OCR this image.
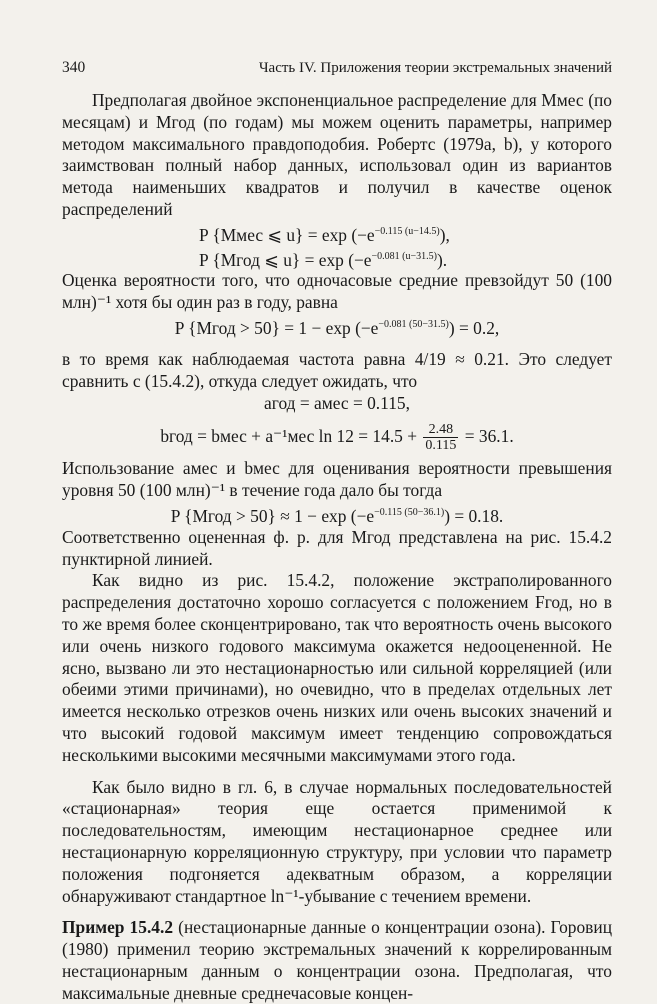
340	Часть IV. Приложения теории экстремальных значений

Предполагая двойное экспоненциальное распределение для Mмес (по месяцам) и Mгод (по годам) мы можем оценить параметры, например методом максимального правдоподобия. Робертс (1979a, b), у которого заимствован полный набор данных, использовал один из вариантов метода наименьших квадратов и получил в качестве оценок распределений

P {Mмес ⩽ $u\} = \exp (-e^{-0.115 (u-14.5)})$,
P {Mгод ⩽ $u\} = \exp (-e^{-0.081 (u-31.5)})$.

Оценка вероятности того, что одночасовые средние превзойдут 50 (100 млн)⁻¹ хотя бы один раз в году, равна

P {Mгод > $50\} = 1 - \exp (-e^{-0.081 (50-31.5)}) = 0.2$,

в то время как наблюдаемая частота равна 4/19 ≈ 0.21. Это следует сравнить с (15.4.2), откуда следует ожидать, что

aгод = aмес = 0.115,
bгод = bмес + a⁻¹мес $\ln 12 = 14.5 + \frac{2.48}{0.115} = 36.1$.

Использование aмес и bмес для оценивания вероятности превышения уровня 50 (100 млн)⁻¹ в течение года дало бы тогда

P {Mгод > $50\} \approx 1 - \exp (-e^{-0.115 (50-36.1)}) = 0.18$.

Соответственно оцененная ф. р. для Mгод представлена на рис. 15.4.2 пунктирной линией.

Как видно из рис. 15.4.2, положение экстраполированного распределения достаточно хорошо согласуется с положением Fгод, но в то же время более сконцентрировано, так что вероятность очень высокого или очень низкого годового максимума окажется недооцененной. Не ясно, вызвано ли это нестационарностью или сильной корреляцией (или обеими этими причинами), но очевидно, что в пределах отдельных лет имеется несколько отрезков очень низких или очень высоких значений и что высокий годовой максимум имеет тенденцию сопровождаться несколькими высокими месячными максимумами этого года.

Как было видно в гл. 6, в случае нормальных последовательностей «стационарная» теория еще остается применимой к последовательностям, имеющим нестационарное среднее или нестационарную корреляционную структуру, при условии что параметр положения подгоняется адекватным образом, а корреляции обнаруживают стандартное ln⁻¹-убывание с течением времени.

Пример 15.4.2 (нестационарные данные о концентрации озона). Горовиц (1980) применил теорию экстремальных значений к коррелированным нестационарным данным о концентрации озона. Предполагая, что максимальные дневные среднечасовые концен-
